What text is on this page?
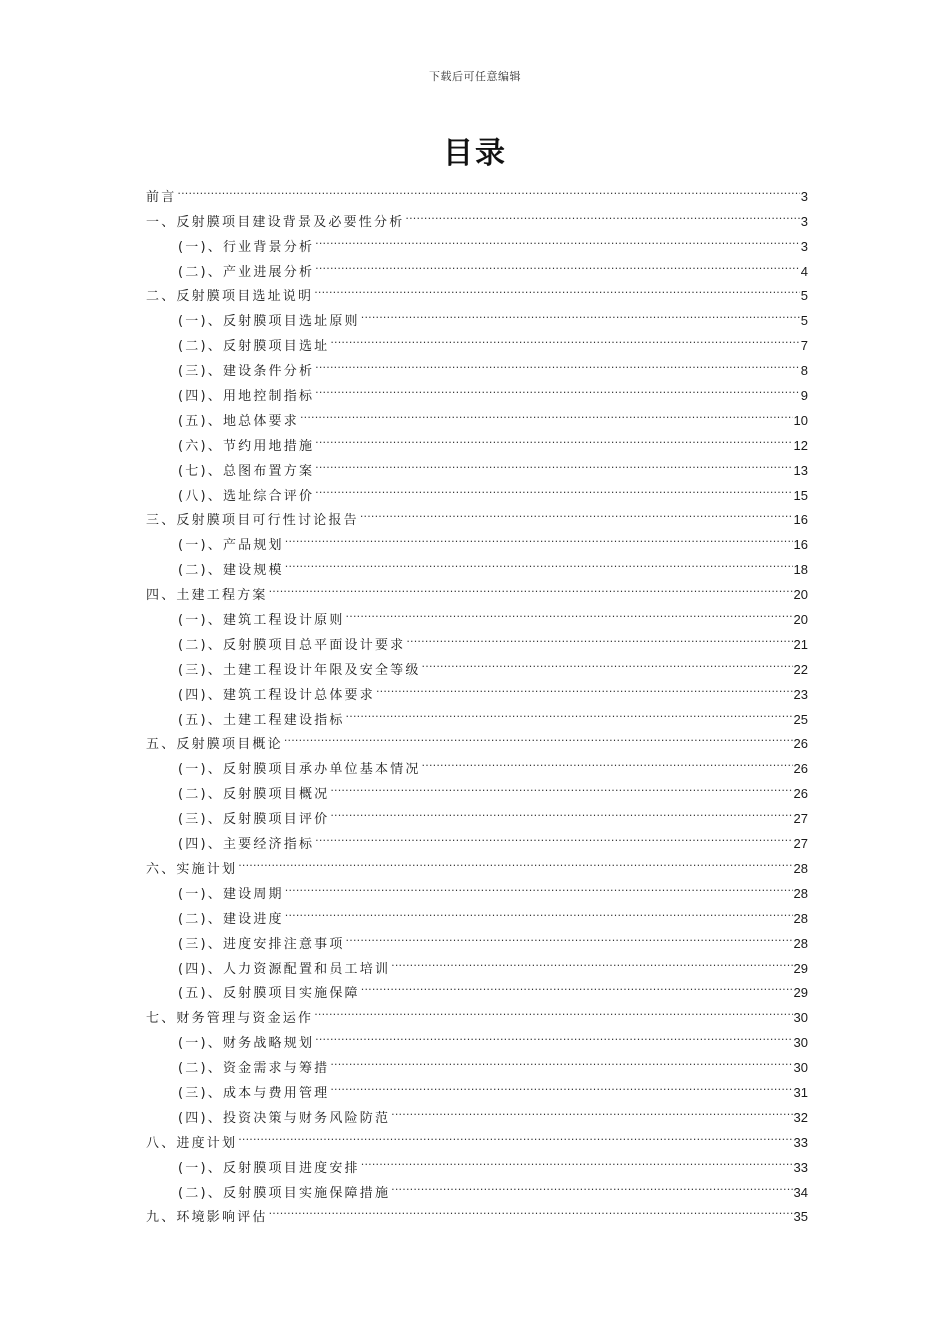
下载后可任意编辑
目录
前言 .....	3
一、反射膜项目建设背景及必要性分析 .....	3
(一)、行业背景分析 .....	3
(二)、产业进展分析 .....	4
二、反射膜项目选址说明 .....	5
(一)、反射膜项目选址原则 .....	5
(二)、反射膜项目选址 .....	7
(三)、建设条件分析 .....	8
(四)、用地控制指标 .....	9
(五)、地总体要求 .....	10
(六)、节约用地措施 .....	12
(七)、总图布置方案 .....	13
(八)、选址综合评价 .....	15
三、反射膜项目可行性讨论报告 .....	16
(一)、产品规划 .....	16
(二)、建设规模 .....	18
四、土建工程方案 .....	20
(一)、建筑工程设计原则 .....	20
(二)、反射膜项目总平面设计要求 .....	21
(三)、土建工程设计年限及安全等级 .....	22
(四)、建筑工程设计总体要求 .....	23
(五)、土建工程建设指标 .....	25
五、反射膜项目概论 .....	26
(一)、反射膜项目承办单位基本情况 .....	26
(二)、反射膜项目概况 .....	26
(三)、反射膜项目评价 .....	27
(四)、主要经济指标 .....	27
六、实施计划 .....	28
(一)、建设周期 .....	28
(二)、建设进度 .....	28
(三)、进度安排注意事项 .....	28
(四)、人力资源配置和员工培训 .....	29
(五)、反射膜项目实施保障 .....	29
七、财务管理与资金运作 .....	30
(一)、财务战略规划 .....	30
(二)、资金需求与筹措 .....	30
(三)、成本与费用管理 .....	31
(四)、投资决策与财务风险防范 .....	32
八、进度计划 .....	33
(一)、反射膜项目进度安排 .....	33
(二)、反射膜项目实施保障措施 .....	34
九、环境影响评估 .....	35
